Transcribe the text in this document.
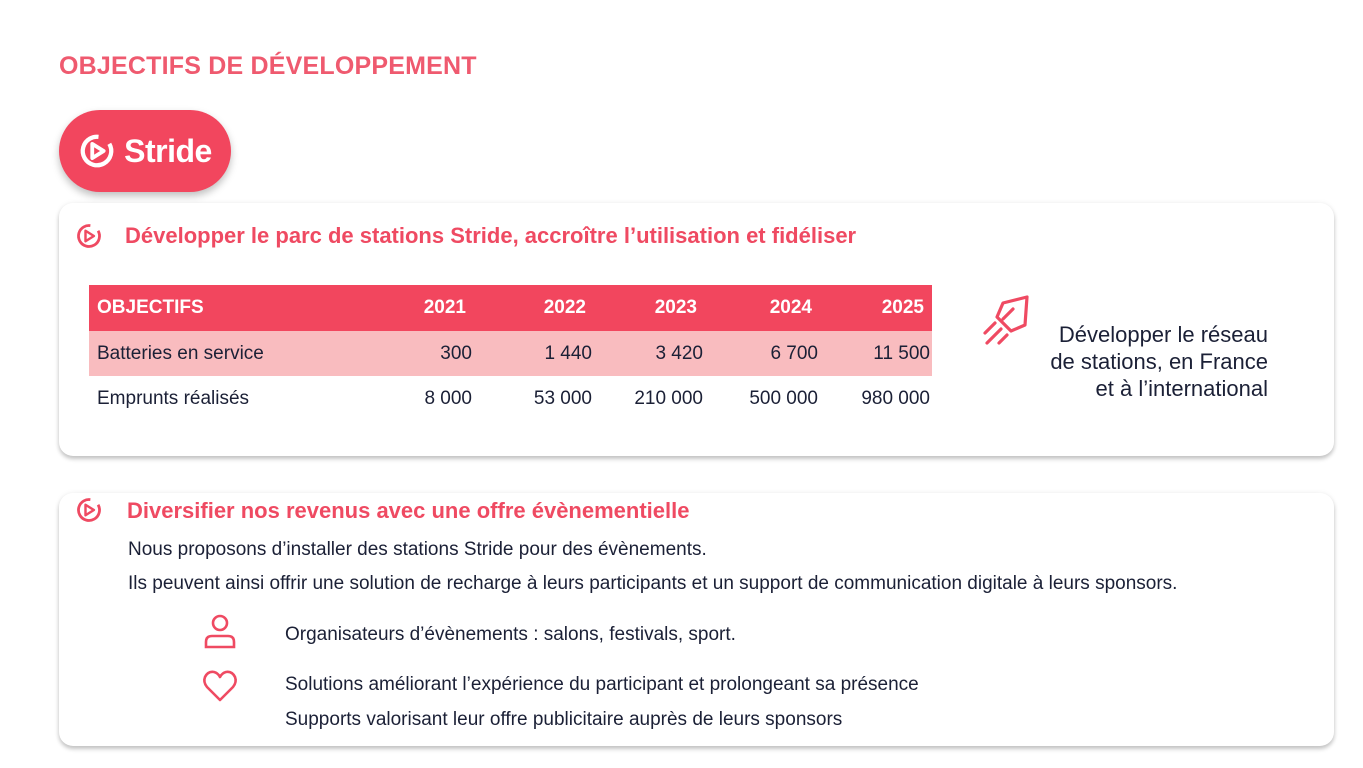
OBJECTIFS DE DÉVELOPPEMENT
Stride
Développer le parc de stations Stride, accroître l’utilisation et fidéliser
OBJECTIFS	2021	2022	2023	2024	2025
Batteries en service	300	1 440	3 420	6 700	11 500
Emprunts réalisés	8 000	53 000	210 000	500 000	980 000
Développer le réseau
de stations, en France
et à l’international
Diversifier nos revenus avec une offre évènementielle
Nous proposons d’installer des stations Stride pour des évènements.
Ils peuvent ainsi offrir une solution de recharge à leurs participants et un support de communication digitale à leurs sponsors.
Organisateurs d’évènements : salons, festivals, sport.
Solutions améliorant l’expérience du participant et prolongeant sa présence
Supports valorisant leur offre publicitaire auprès de leurs sponsors
